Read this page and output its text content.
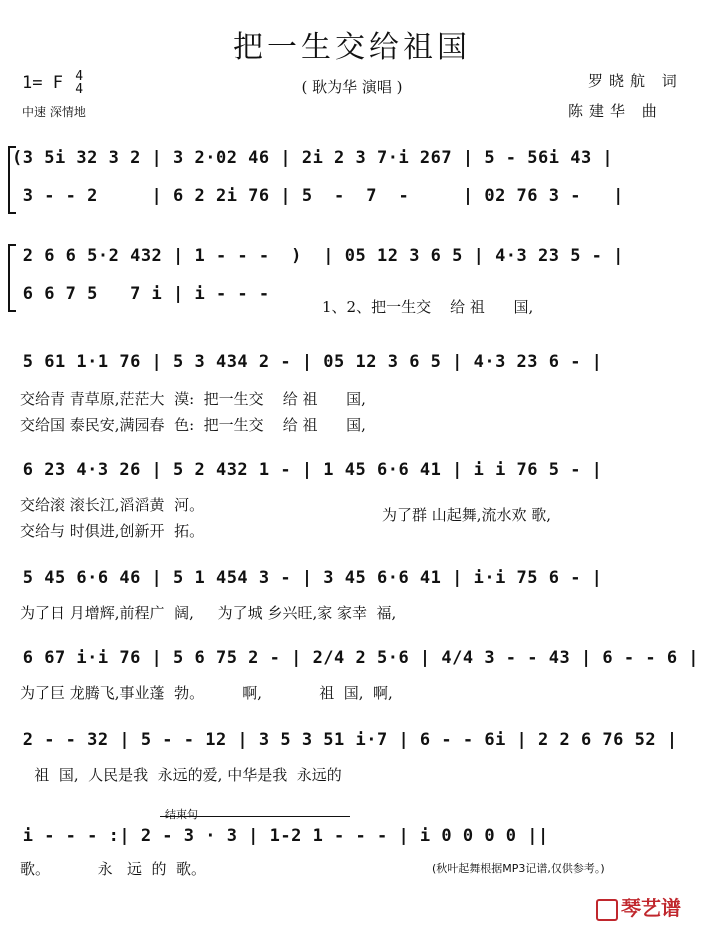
把一生交给祖国
( 耿为华 演唱 )
1= F 4
4
中速 深情地
罗晓航 词
陈建华 曲
(3 5i 32 3 2 | 3 2·02 46 | 2i 2 3 7·i 267 | 5 - 56i 43 |
3 - - 2     | 6 2 2i 76 | 5  -  7  -     | 02 76 3 -   |
2 6 6 5·2 432 | 1 - - -  )  | 05 12 3 6 5 | 4·3 23 5 - |
6 6 7 5   7 i | i - - -
1、2、把一生交    给 祖      国,
5 61 1·1 76 | 5 3 434 2 - | 05 12 3 6 5 | 4·3 23 6 - |
交给青 青草原,茫茫大  漠:  把一生交    给 祖      国,
交给国 泰民安,满园春  色:  把一生交    给 祖      国,
6 23 4·3 26 | 5 2 432 1 - | 1 45 6·6 41 | i i 76 5 - |
交给滚 滚长江,滔滔黄  河。
交给与 时俱进,创新开  拓。
为了群 山起舞,流水欢 歌,
5 45 6·6 46 | 5 1 454 3 - | 3 45 6·6 41 | i·i 75 6 - |
为了日 月增辉,前程广  阔,     为了城 乡兴旺,家 家幸  福,
6 67 i·i 76 | 5 6 75 2 - | 2/4 2 5·6 | 4/4 3 - - 43 | 6 - - 6 |
为了巨 龙腾飞,事业蓬  勃。        啊,            祖  国,  啊,
2 - - 32 | 5 - - 12 | 3 5 3 51 i·7 | 6 - - 6i | 2 2 6 76 52 |
祖  国,  人民是我  永远的爱, 中华是我  永远的
结束句
i - - - :| 2 - 3 · 3 | 1-2 1 - - - | i 0 0 0 0 ||
歌。          永   远  的  歌。	(秋叶起舞根据MP3记谱,仅供参考。)
琴艺谱
